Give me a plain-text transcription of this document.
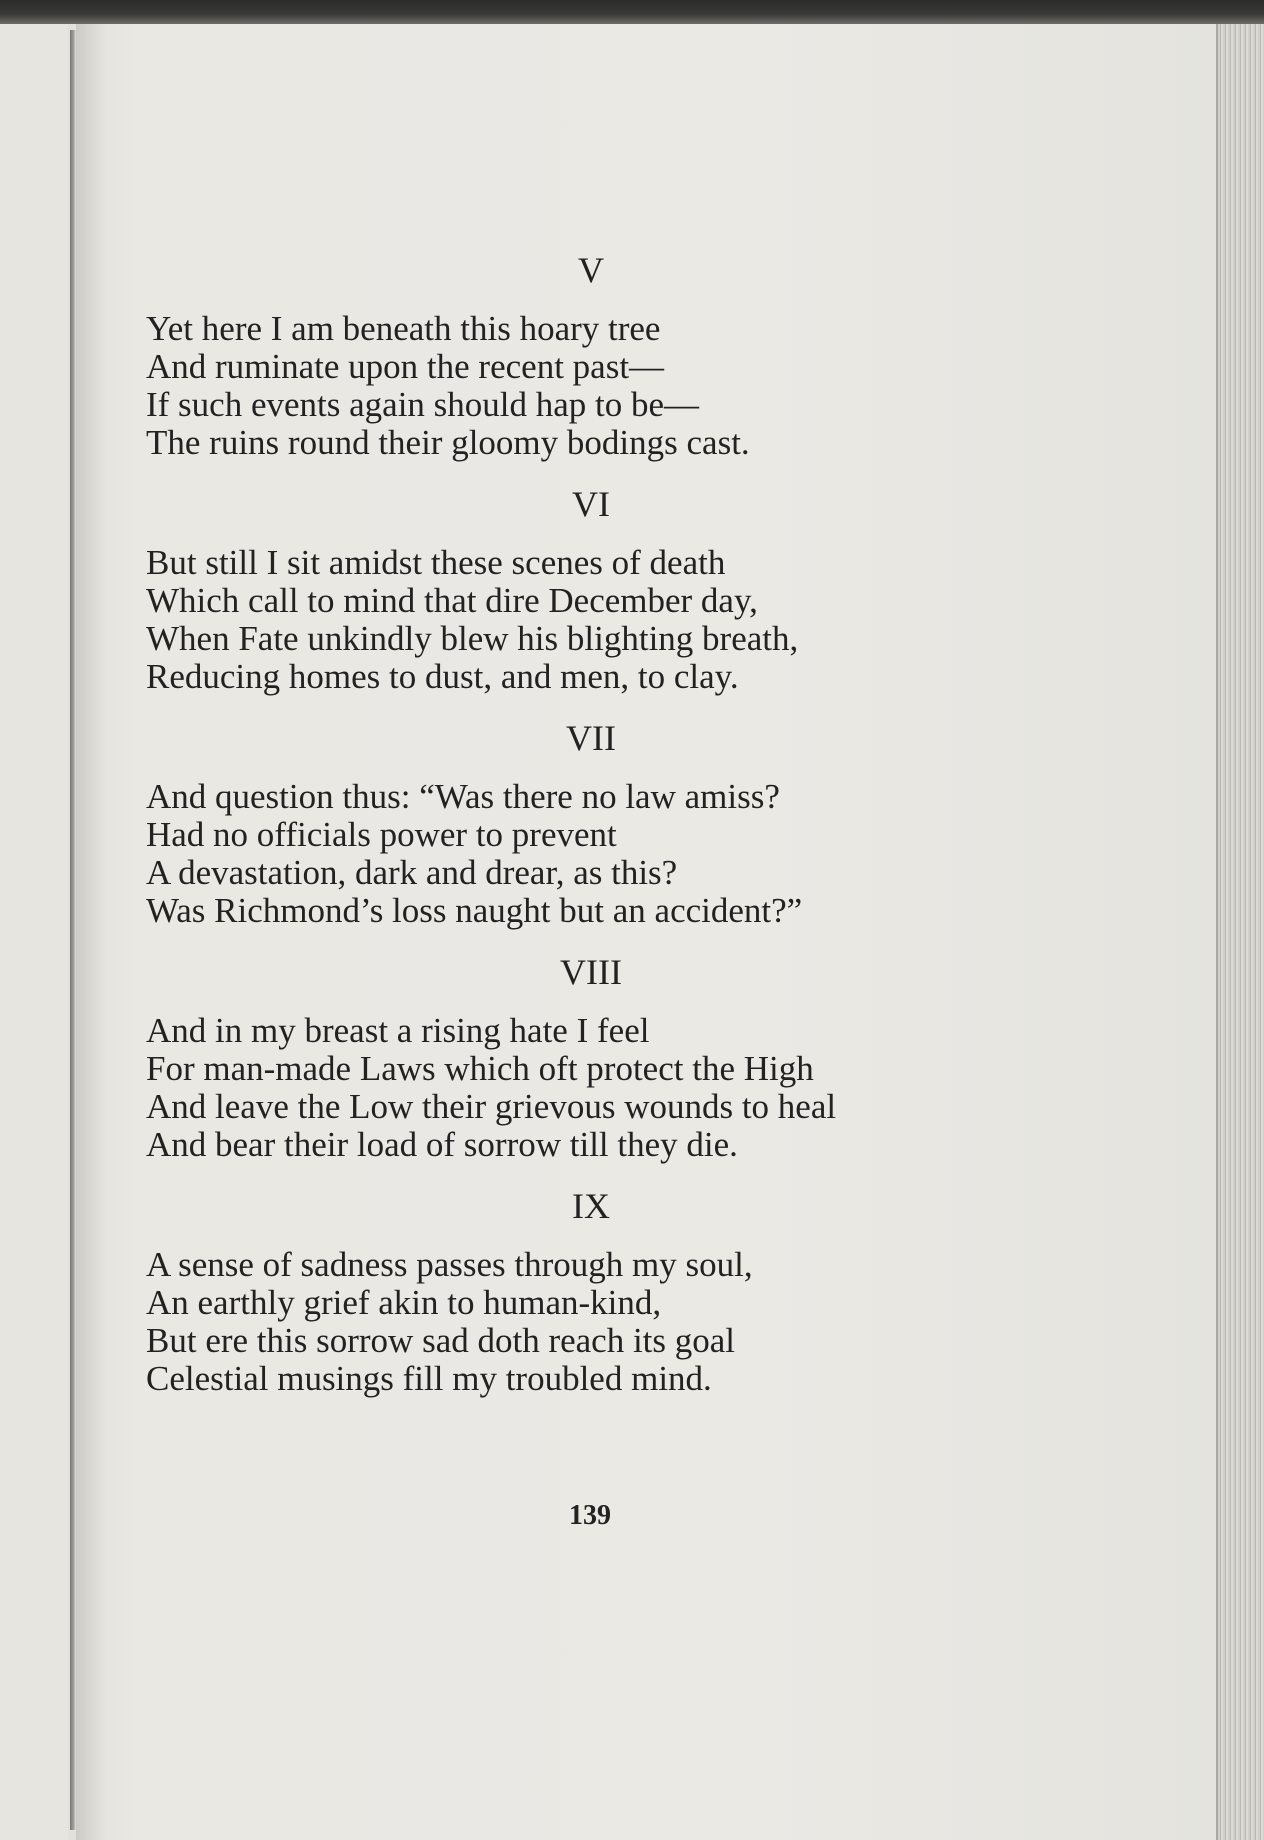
V

Yet here I am beneath this hoary tree

And ruminate upon the recent past—

If such events again should hap to be—

The ruins round their gloomy bodings cast.

VI

But still I sit amidst these scenes of death

Which call to mind that dire December day,

When Fate unkindly blew his blighting breath,

Reducing homes to dust, and men, to clay.

VII

And question thus: “Was there no law amiss?

Had no officials power to prevent

A devastation, dark and drear, as this?

Was Richmond’s loss naught but an accident?”

VIII

And in my breast a rising hate I feel

For man-made Laws which oft protect the High

And leave the Low their grievous wounds to heal

And bear their load of sorrow till they die.

IX

A sense of sadness passes through my soul,

An earthly grief akin to human-kind,

But ere this sorrow sad doth reach its goal

Celestial musings fill my troubled mind.

139
